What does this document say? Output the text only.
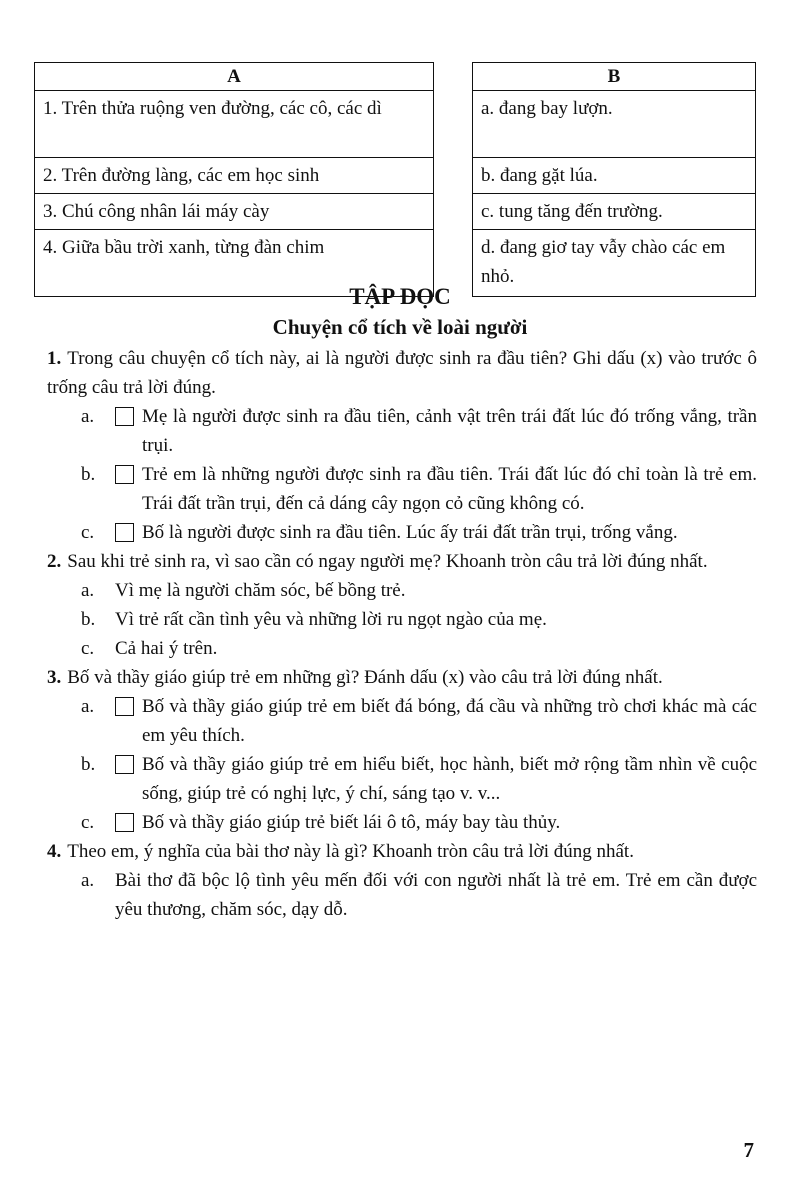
A
1. Trên thửa ruộng ven đường, các cô, các dì
2. Trên đường làng, các em học sinh
3. Chú công nhân lái máy cày
4. Giữa bầu trời xanh, từng đàn chim
B
a. đang bay lượn.
b. đang gặt lúa.
c. tung tăng đến trường.
d. đang giơ tay vẫy chào các em nhỏ.
TẬP ĐỌC
Chuyện cổ tích về loài người
1. Trong câu chuyện cổ tích này, ai là người được sinh ra đầu tiên? Ghi dấu (x) vào trước ô trống câu trả lời đúng.
a.	Mẹ là người được sinh ra đầu tiên, cảnh vật trên trái đất lúc đó trống vắng, trần trụi.
b.	Trẻ em là những người được sinh ra đầu tiên. Trái đất lúc đó chỉ toàn là trẻ em. Trái đất trần trụi, đến cả dáng cây ngọn cỏ cũng không có.
c.	Bố là người được sinh ra đầu tiên. Lúc ấy trái đất trần trụi, trống vắng.
2. Sau khi trẻ sinh ra, vì sao cần có ngay người mẹ? Khoanh tròn câu trả lời đúng nhất.
a.	Vì mẹ là người chăm sóc, bế bồng trẻ.
b.	Vì trẻ rất cần tình yêu và những lời ru ngọt ngào của mẹ.
c.	Cả hai ý trên.
3. Bố và thầy giáo giúp trẻ em những gì? Đánh dấu (x) vào câu trả lời đúng nhất.
a.	Bố và thầy giáo giúp trẻ em biết đá bóng, đá cầu và những trò chơi khác mà các em yêu thích.
b.	Bố và thầy giáo giúp trẻ em hiểu biết, học hành, biết mở rộng tầm nhìn về cuộc sống, giúp trẻ có nghị lực, ý chí, sáng tạo v. v...
c.	Bố và thầy giáo giúp trẻ biết lái ô tô, máy bay tàu thủy.
4. Theo em, ý nghĩa của bài thơ này là gì? Khoanh tròn câu trả lời đúng nhất.
a.	Bài thơ đã bộc lộ tình yêu mến đối với con người nhất là trẻ em. Trẻ em cần được yêu thương, chăm sóc, dạy dỗ.
7
